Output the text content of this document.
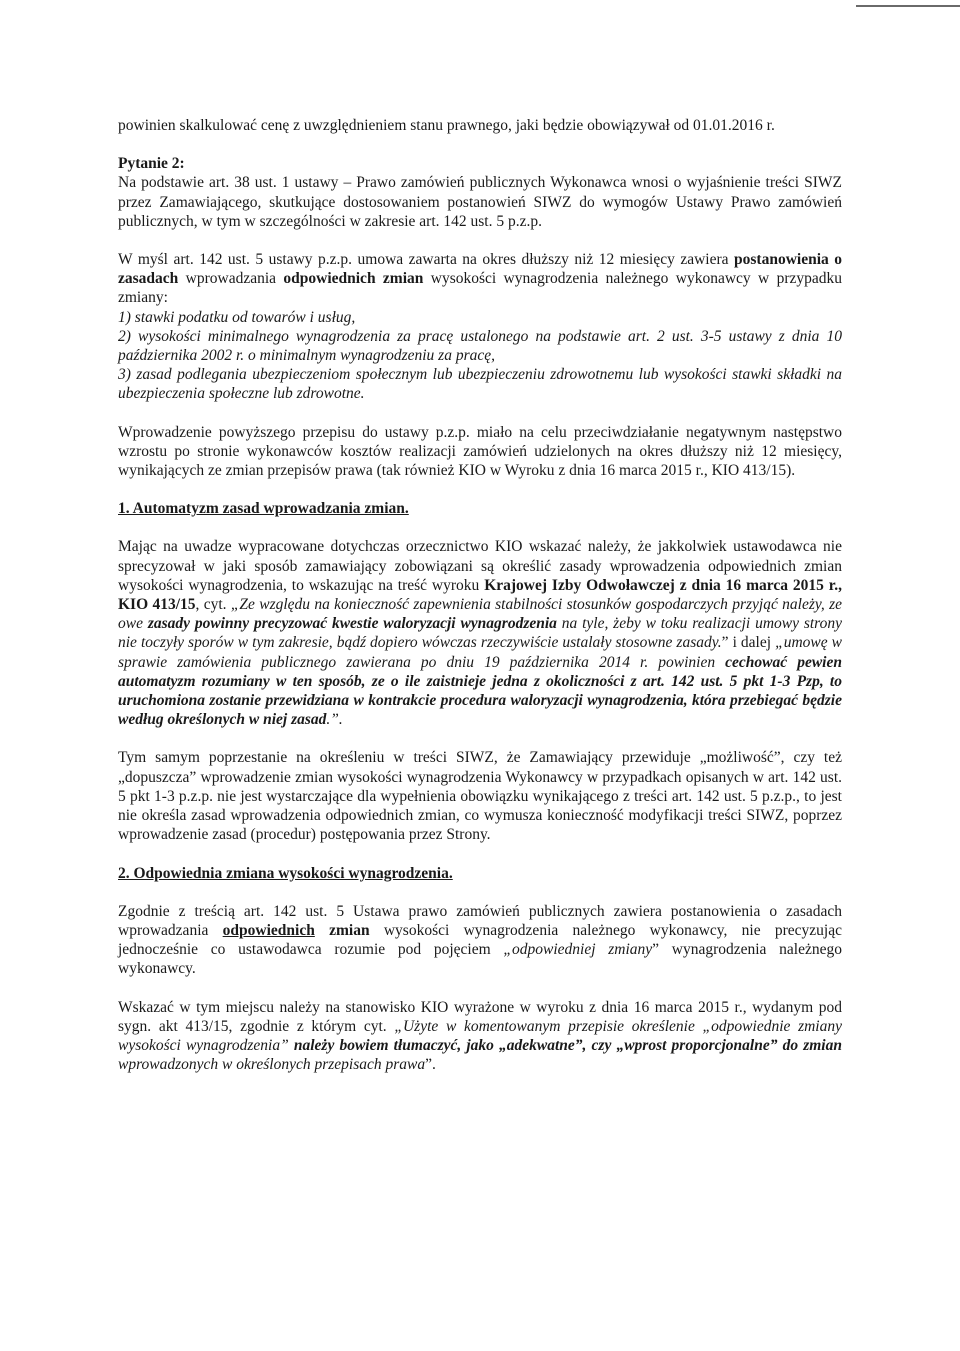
powinien skalkulować cenę z uwzględnieniem stanu prawnego, jaki będzie obowiązywał od 01.01.2016 r.

Pytanie 2:

Na podstawie art. 38 ust. 1 ustawy – Prawo zamówień publicznych Wykonawca wnosi o wyjaśnienie treści SIWZ przez Zamawiającego, skutkujące dostosowaniem postanowień SIWZ do wymogów Ustawy Prawo zamówień publicznych, w tym w szczególności w zakresie art. 142 ust. 5 p.z.p.

W myśl art. 142 ust. 5 ustawy p.z.p. umowa zawarta na okres dłuższy niż 12 miesięcy zawiera postanowienia o zasadach wprowadzania odpowiednich zmian wysokości wynagrodzenia należnego wykonawcy w przypadku zmiany:

1) stawki podatku od towarów i usług,

2) wysokości minimalnego wynagrodzenia za pracę ustalonego na podstawie art. 2 ust. 3-5 ustawy z dnia 10 października 2002 r. o minimalnym wynagrodzeniu za pracę,

3) zasad podlegania ubezpieczeniom społecznym lub ubezpieczeniu zdrowotnemu lub wysokości stawki składki na ubezpieczenia społeczne lub zdrowotne.

Wprowadzenie powyższego przepisu do ustawy p.z.p. miało na celu przeciwdziałanie negatywnym następstwo wzrostu po stronie wykonawców kosztów realizacji zamówień udzielonych na okres dłuższy niż 12 miesięcy, wynikających ze zmian przepisów prawa (tak również KIO w Wyroku z dnia 16 marca 2015 r., KIO 413/15).

1. Automatyzm zasad wprowadzania zmian.

Mając na uwadze wypracowane dotychczas orzecznictwo KIO wskazać należy, że jakkolwiek ustawodawca nie sprecyzował w jaki sposób zamawiający zobowiązani są określić zasady wprowadzenia odpowiednich zmian wysokości wynagrodzenia, to wskazując na treść wyroku Krajowej Izby Odwoławczej z dnia 16 marca 2015 r., KIO 413/15, cyt. „Ze względu na konieczność zapewnienia stabilności stosunków gospodarczych przyjąć należy, ze owe zasady powinny precyzować kwestie waloryzacji wynagrodzenia na tyle, żeby w toku realizacji umowy strony nie toczyły sporów w tym zakresie, bądź dopiero wówczas rzeczywiście ustalały stosowne zasady.” i dalej „umowę w sprawie zamówienia publicznego zawierana po dniu 19 października 2014 r. powinien cechować pewien automatyzm rozumiany w ten sposób, ze o ile zaistnieje jedna z okoliczności z art. 142 ust. 5 pkt 1-3 Pzp, to uruchomiona zostanie przewidziana w kontrakcie procedura waloryzacji wynagrodzenia, która przebiegać będzie według określonych w niej zasad.”.

Tym samym poprzestanie na określeniu w treści SIWZ, że Zamawiający przewiduje „możliwość”, czy też „dopuszcza” wprowadzenie zmian wysokości wynagrodzenia Wykonawcy w przypadkach opisanych w art. 142 ust. 5 pkt 1-3 p.z.p. nie jest wystarczające dla wypełnienia obowiązku wynikającego z treści art. 142 ust. 5 p.z.p., to jest nie określa zasad wprowadzenia odpowiednich zmian, co wymusza konieczność modyfikacji treści SIWZ, poprzez wprowadzenie zasad (procedur) postępowania przez Strony.

2. Odpowiednia zmiana wysokości wynagrodzenia.

Zgodnie z treścią art. 142 ust. 5 Ustawa prawo zamówień publicznych zawiera postanowienia o zasadach wprowadzania odpowiednich zmian wysokości wynagrodzenia należnego wykonawcy, nie precyzując jednocześnie co ustawodawca rozumie pod pojęciem „odpowiedniej zmiany” wynagrodzenia należnego wykonawcy.

Wskazać w tym miejscu należy na stanowisko KIO wyrażone w wyroku z dnia 16 marca 2015 r., wydanym pod sygn. akt 413/15, zgodnie z którym cyt. „Użyte w komentowanym przepisie określenie „odpowiednie zmiany wysokości wynagrodzenia” należy bowiem tłumaczyć, jako „adekwatne”, czy „wprost proporcjonalne” do zmian wprowadzonych w określonych przepisach prawa”.
